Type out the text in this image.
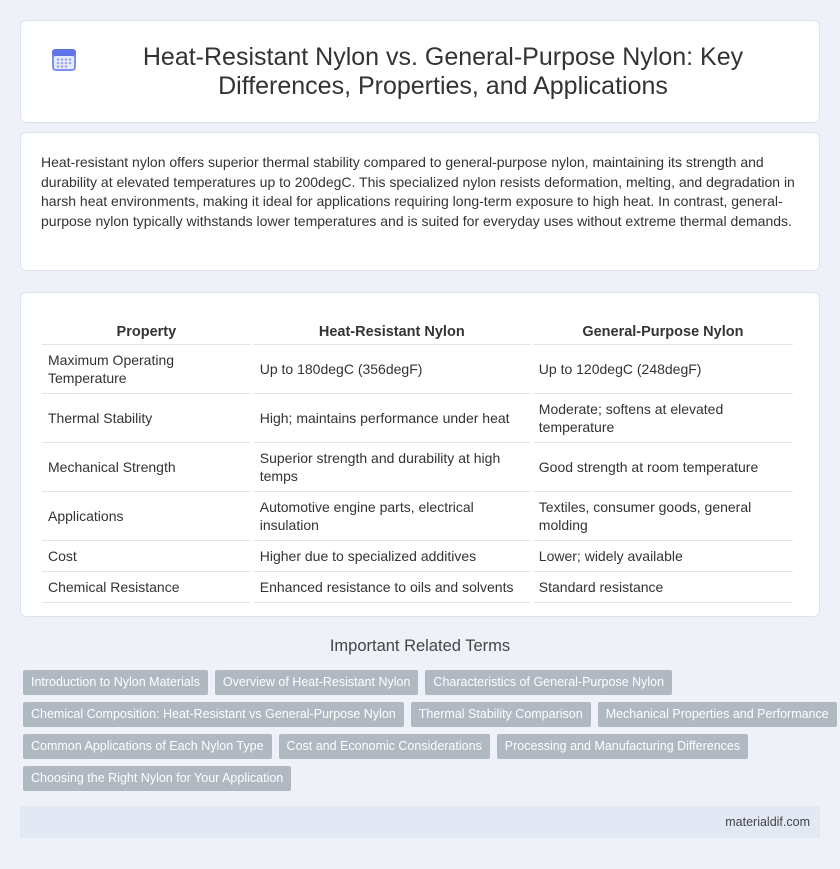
Heat-Resistant Nylon vs. General-Purpose Nylon: Key Differences, Properties, and Applications

Heat-resistant nylon offers superior thermal stability compared to general-purpose nylon, maintaining its strength and durability at elevated temperatures up to 200degC. This specialized nylon resists deformation, melting, and degradation in harsh heat environments, making it ideal for applications requiring long-term exposure to high heat. In contrast, general-purpose nylon typically withstands lower temperatures and is suited for everyday uses without extreme thermal demands.

Property	Heat-Resistant Nylon	General-Purpose Nylon
Maximum Operating Temperature	Up to 180degC (356degF)	Up to 120degC (248degF)
Thermal Stability	High; maintains performance under heat	Moderate; softens at elevated temperature
Mechanical Strength	Superior strength and durability at high temps	Good strength at room temperature
Applications	Automotive engine parts, electrical insulation	Textiles, consumer goods, general molding
Cost	Higher due to specialized additives	Lower; widely available
Chemical Resistance	Enhanced resistance to oils and solvents	Standard resistance
Important Related Terms
Introduction to Nylon Materials	Overview of Heat-Resistant Nylon	Characteristics of General-Purpose Nylon
Chemical Composition: Heat-Resistant vs General-Purpose Nylon	Thermal Stability Comparison	Mechanical Properties and Performance
Common Applications of Each Nylon Type	Cost and Economic Considerations	Processing and Manufacturing Differences
Choosing the Right Nylon for Your Application
materialdif.com
